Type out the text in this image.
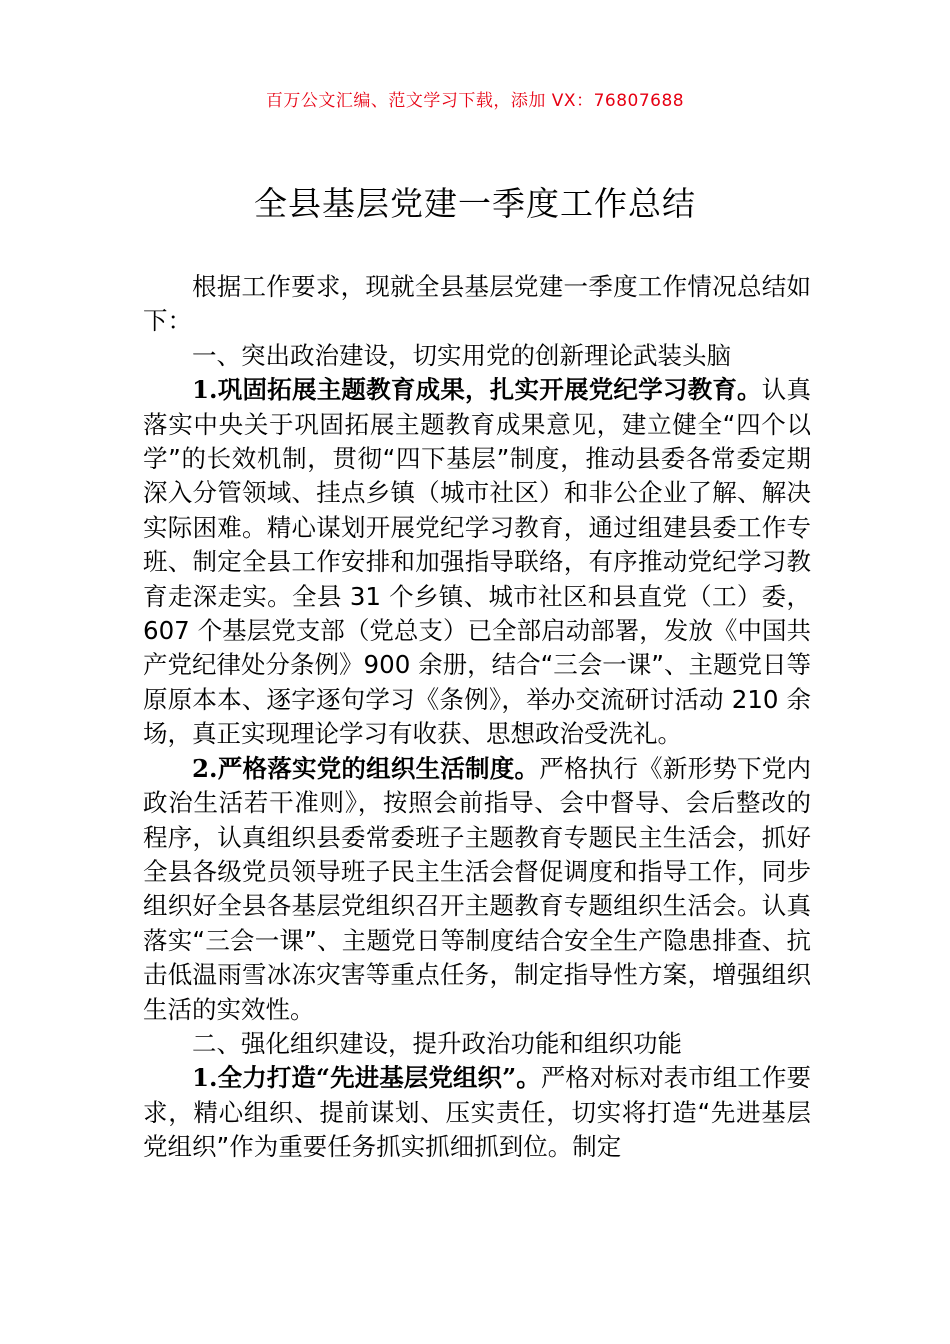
百万公文汇编、范文学习下载，添加 VX：76807688
全县基层党建一季度工作总结

根据工作要求，现就全县基层党建一季度工作情况总结如下：

一、突出政治建设，切实用党的创新理论武装头脑

1.巩固拓展主题教育成果，扎实开展党纪学习教育。认真落实中央关于巩固拓展主题教育成果意见，建立健全“四个以学”的长效机制，贯彻“四下基层”制度，推动县委各常委定期深入分管领域、挂点乡镇（城市社区）和非公企业了解、解决实际困难。精心谋划开展党纪学习教育，通过组建县委工作专班、制定全县工作安排和加强指导联络，有序推动党纪学习教育走深走实。全县 31 个乡镇、城市社区和县直党（工）委，607 个基层党支部（党总支）已全部启动部署，发放《中国共产党纪律处分条例》900 余册，结合“三会一课”、主题党日等原原本本、逐字逐句学习《条例》，举办交流研讨活动 210 余场，真正实现理论学习有收获、思想政治受洗礼。

2.严格落实党的组织生活制度。严格执行《新形势下党内政治生活若干准则》，按照会前指导、会中督导、会后整改的程序，认真组织县委常委班子主题教育专题民主生活会，抓好全县各级党员领导班子民主生活会督促调度和指导工作，同步组织好全县各基层党组织召开主题教育专题组织生活会。认真落实“三会一课”、主题党日等制度结合安全生产隐患排查、抗击低温雨雪冰冻灾害等重点任务，制定指导性方案，增强组织生活的实效性。

二、强化组织建设，提升政治功能和组织功能

1.全力打造“先进基层党组织”。严格对标对表市组工作要求，精心组织、提前谋划、压实责任，切实将打造“先进基层党组织”作为重要任务抓实抓细抓到位。制定
